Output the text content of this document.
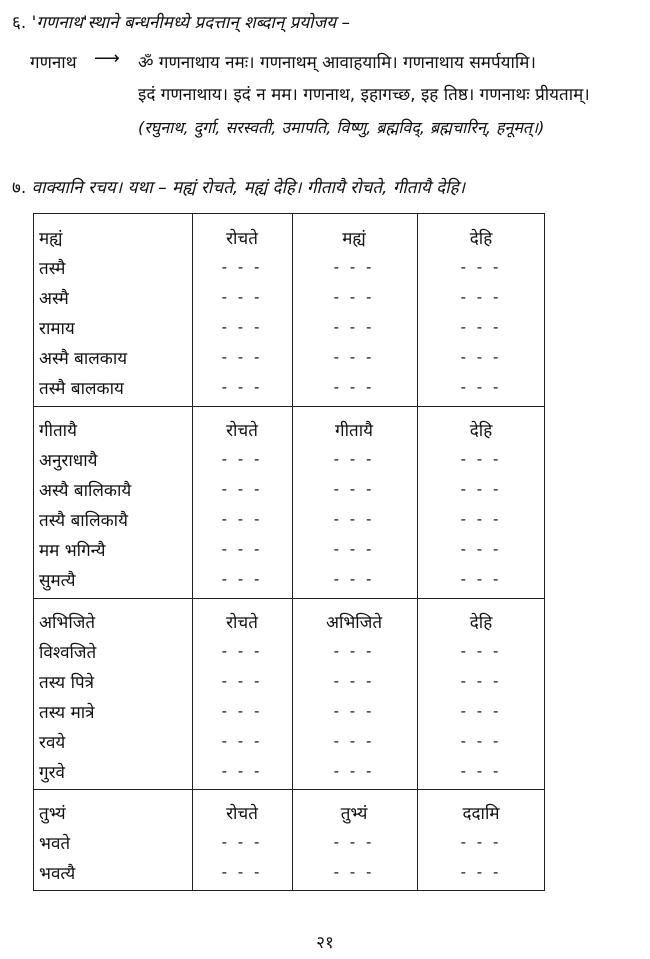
६. 'गणनाथ'स्थाने बन्धनीमध्ये प्रदत्तान् शब्दान् प्रयोजय –
गणनाथ ⟶ ॐ गणनाथाय नमः। गणनाथम् आवाहयामि। गणनाथाय समर्पयामि।
इदं गणनाथाय। इदं न मम। गणनाथ, इहागच्छ, इह तिष्ठ। गणनाथः प्रीयताम्।
(रघुनाथ, दुर्गा, सरस्वती, उमापति, विष्णु, ब्रह्मविद्, ब्रह्मचारिन्, हनूमत्।)
७. वाक्यानि रचय। यथा – मह्यं रोचते, मह्यं देहि। गीतायै रोचते, गीतायै देहि।
मह्यं	रोचते	मह्यं	देहि
तस्मै	- - -	- - -	- - -
अस्मै	- - -	- - -	- - -
रामाय	- - -	- - -	- - -
अस्मै बालकाय	- - -	- - -	- - -
तस्मै बालकाय	- - -	- - -	- - -
गीतायै	रोचते	गीतायै	देहि
अनुराधायै	- - -	- - -	- - -
अस्यै बालिकायै	- - -	- - -	- - -
तस्यै बालिकायै	- - -	- - -	- - -
मम भगिन्यै	- - -	- - -	- - -
सुमत्यै	- - -	- - -	- - -
अभिजिते	रोचते	अभिजिते	देहि
विश्वजिते	- - -	- - -	- - -
तस्य पित्रे	- - -	- - -	- - -
तस्य मात्रे	- - -	- - -	- - -
रवये	- - -	- - -	- - -
गुरवे	- - -	- - -	- - -
तुभ्यं	रोचते	तुभ्यं	ददामि
भवते	- - -	- - -	- - -
भवत्यै	- - -	- - -	- - -
२१
